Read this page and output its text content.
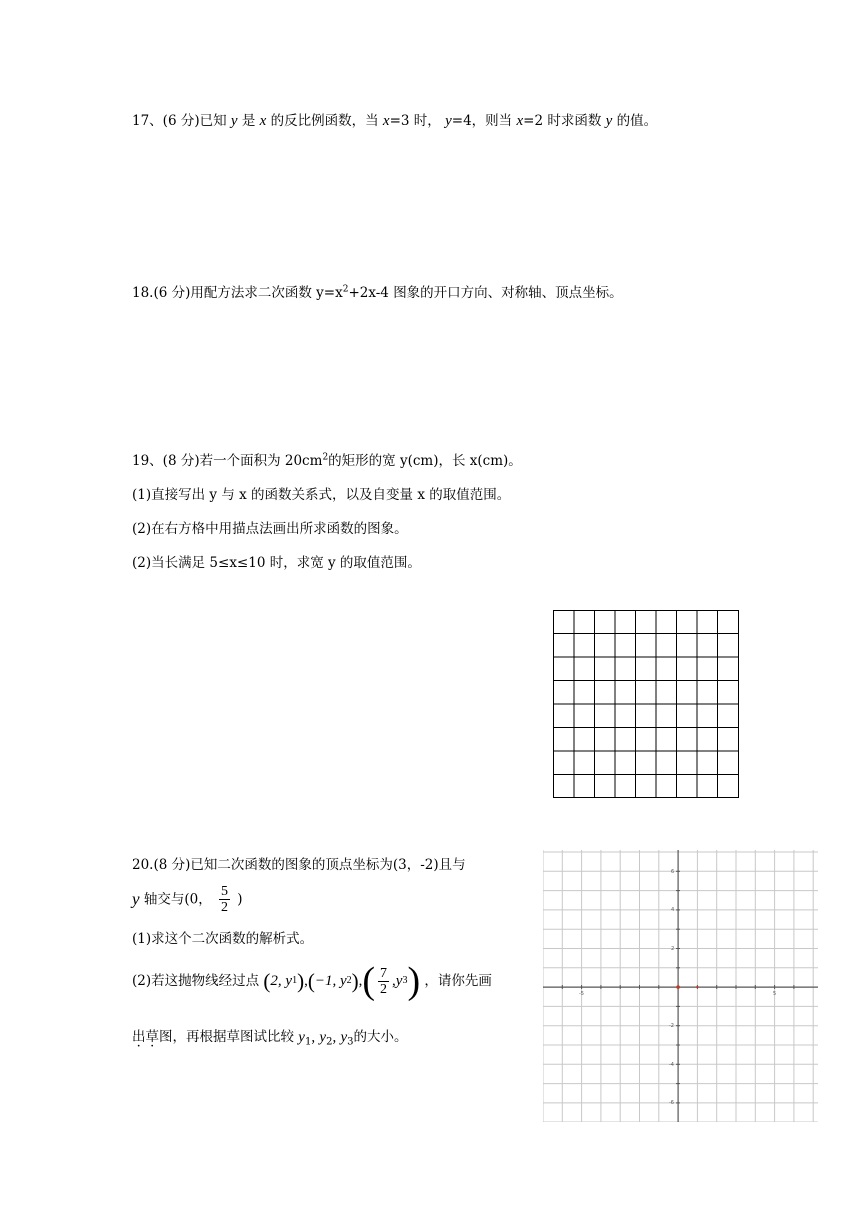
17、(6 分)已知 y 是 x 的反比例函数，当 x=3 时， y=4，则当 x=2 时求函数 y 的值。
18.(6 分)用配方法求二次函数 $y=x^2+2x-4$ 图象的开口方向、对称轴、顶点坐标。
19、(8 分)若一个面积为 $20cm^2$的矩形的宽 y(cm)，长 x(cm)。
(1)直接写出 y 与 x 的函数关系式，以及自变量 x 的取值范围。
(2)在右方格中用描点法画出所求函数的图象。
(2)当长满足 5≤x≤10 时，求宽 y 的取值范围。
20.(8 分)已知二次函数的图象的顶点坐标为(3，-2)且与
y 轴交与(0， $\frac{5}{2}$ )
(1)求这个二次函数的解析式。
(2)若这抛物线经过点 (2, y1),(−1, $y2),( \frac{7}{2} ,y3)$ ，请你先画
出草图，再根据草图试比较 $y_1$, $y_2$, $y_3$的大小。
-5	5
6
4
2
-2
-4
-6
